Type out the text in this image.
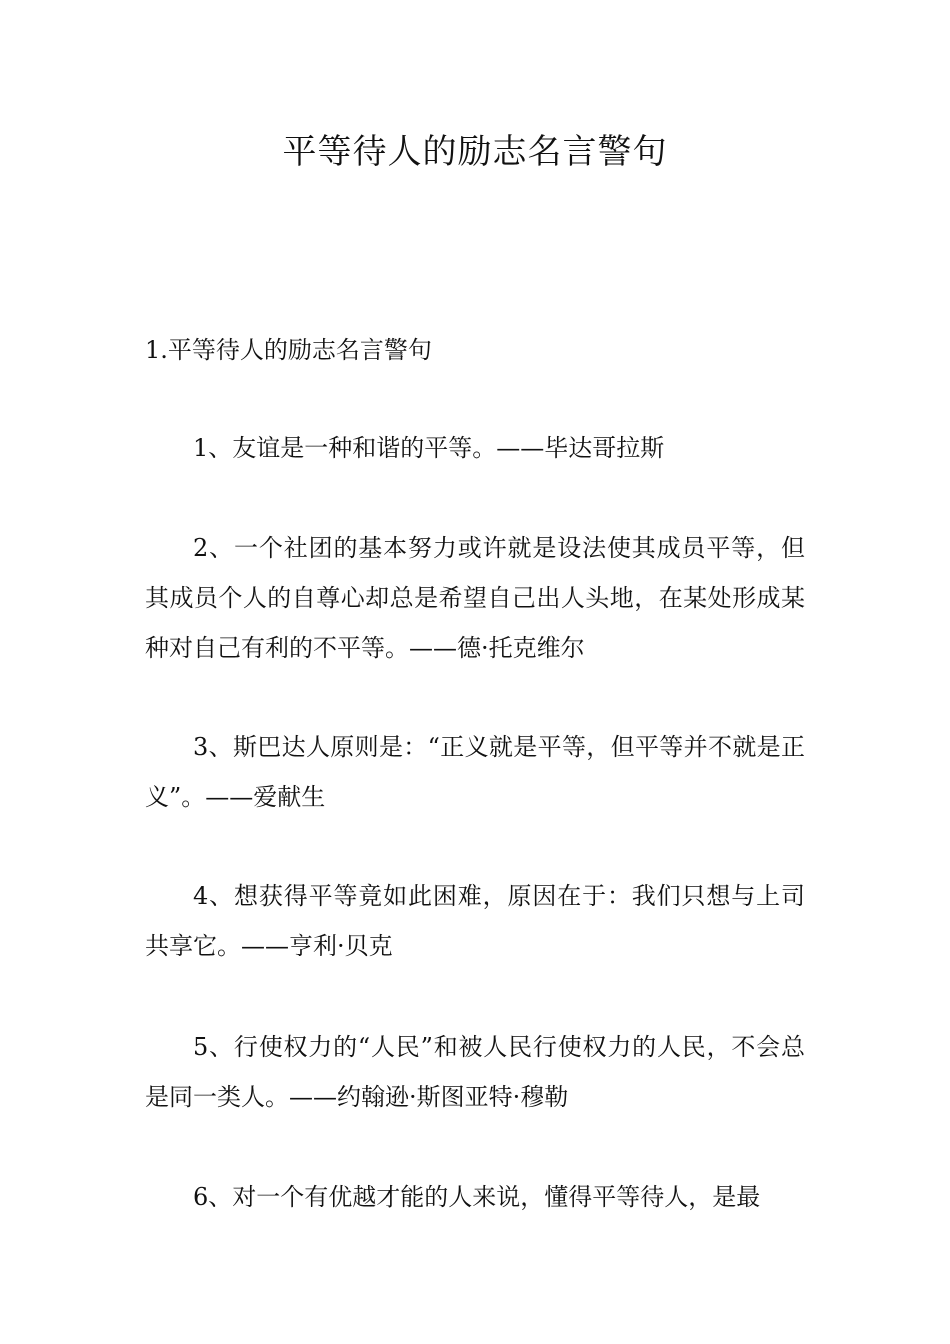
平等待人的励志名言警句
1.平等待人的励志名言警句

1、友谊是一种和谐的平等。——毕达哥拉斯

2、一个社团的基本努力或许就是设法使其成员平等，但其成员个人的自尊心却总是希望自己出人头地，在某处形成某种对自己有利的不平等。——德·托克维尔

3、斯巴达人原则是：“正义就是平等，但平等并不就是正义”。——爱献生

4、想获得平等竟如此困难，原因在于：我们只想与上司共享它。——亨利·贝克

5、行使权力的“人民”和被人民行使权力的人民，不会总是同一类人。——约翰逊·斯图亚特·穆勒

6、对一个有优越才能的人来说，懂得平等待人，是最
